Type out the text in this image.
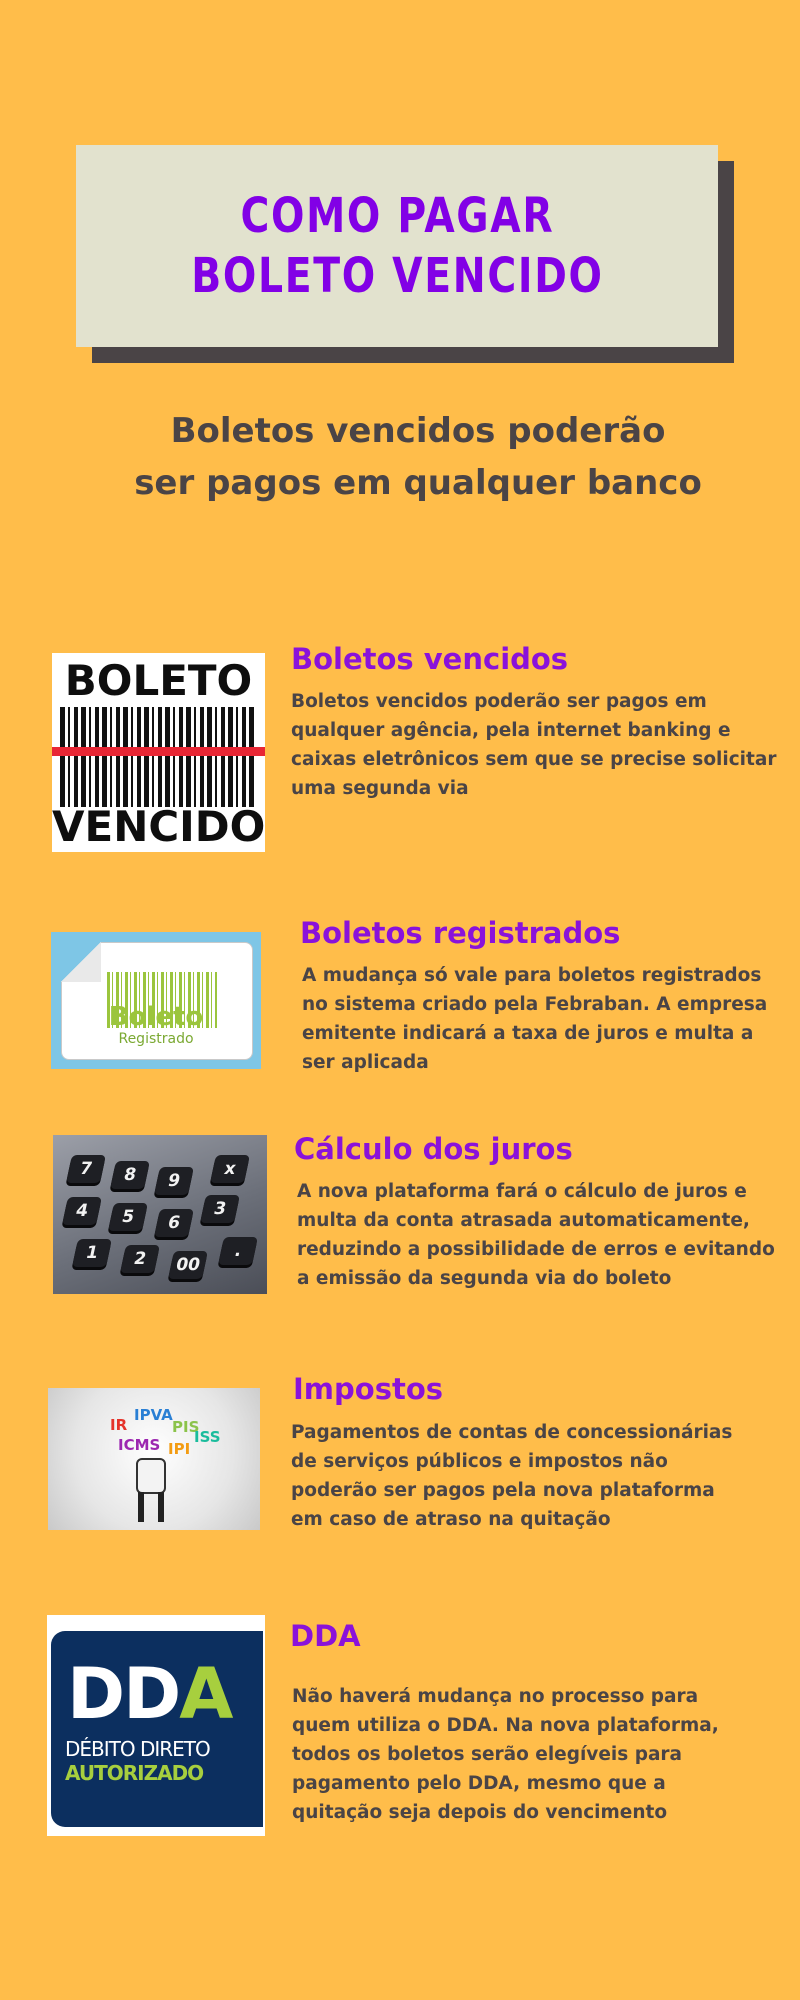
COMO PAGAR
BOLETO VENCIDO
Boletos vencidos poderão
ser pagos em qualquer banco
BOLETO
VENCIDO
Boletos vencidos
Boletos vencidos poderão ser pagos em
qualquer agência, pela internet banking e
caixas eletrônicos sem que se precise solicitar
uma segunda via
Boleto
Registrado
Boletos registrados
A mudança só vale para boletos registrados
no sistema criado pela Febraban. A empresa
emitente indicará a taxa de juros e multa a
ser aplicada
7	8	9
4	5	6
1	2	00
3
x
.
Cálculo dos juros
A nova plataforma fará o cálculo de juros e
multa da conta atrasada automaticamente,
reduzindo a possibilidade de erros e evitando
a emissão da segunda via do boleto
IR
IPVA
PIS
ICMS IPI
ISS
Impostos
Pagamentos de contas de concessionárias
de serviços públicos e impostos não
poderão ser pagos pela nova plataforma
em caso de atraso na quitação
DDA
DÉBITO DIRETO
AUTORIZADO
DDA
Não haverá mudança no processo para
quem utiliza o DDA. Na nova plataforma,
todos os boletos serão elegíveis para
pagamento pelo DDA, mesmo que a
quitação seja depois do vencimento
